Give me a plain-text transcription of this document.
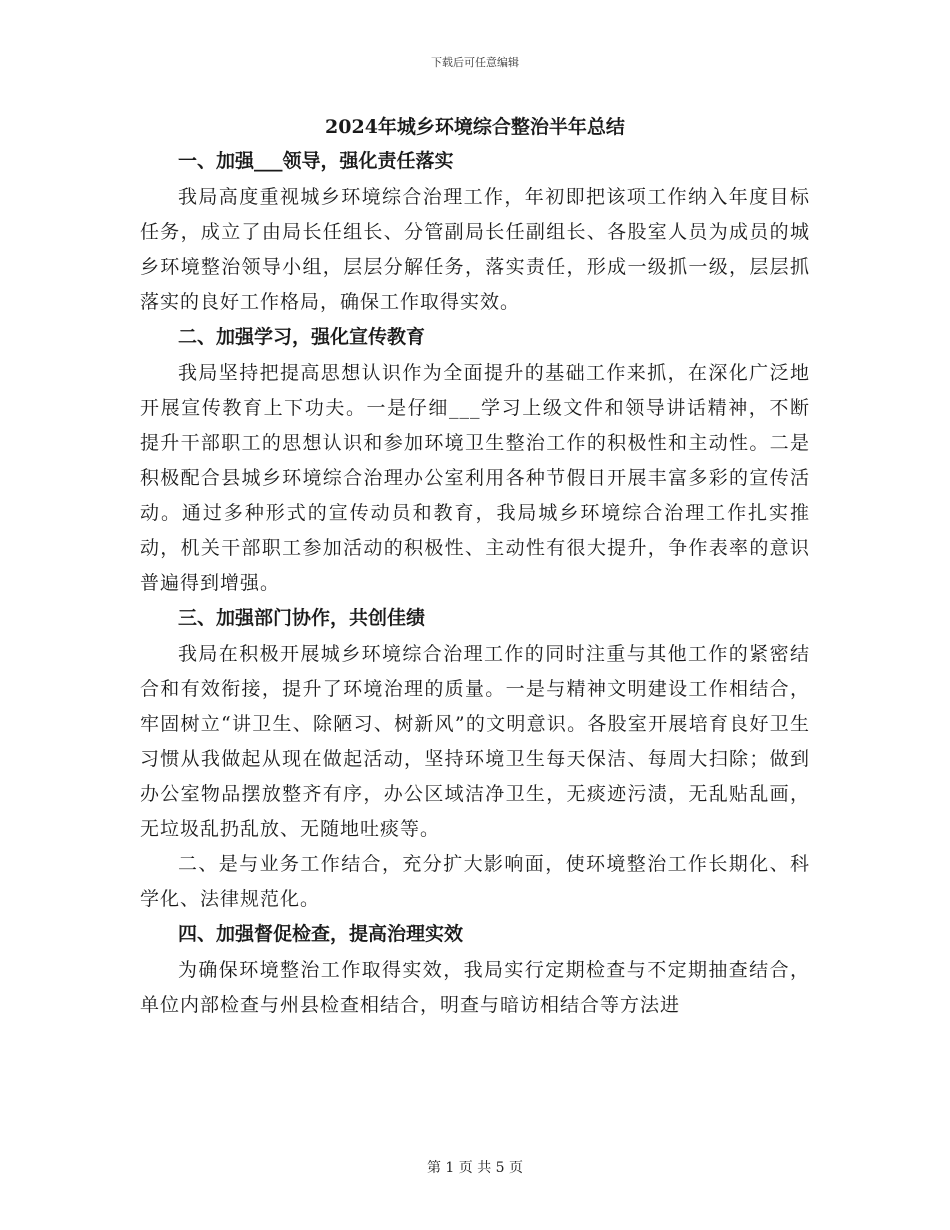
下载后可任意编辑
2024年城乡环境综合整治半年总结
一、加强___领导，强化责任落实

我局高度重视城乡环境综合治理工作，年初即把该项工作纳入年度目标任务，成立了由局长任组长、分管副局长任副组长、各股室人员为成员的城乡环境整治领导小组，层层分解任务，落实责任，形成一级抓一级，层层抓落实的良好工作格局，确保工作取得实效。

二、加强学习，强化宣传教育

我局坚持把提高思想认识作为全面提升的基础工作来抓，在深化广泛地开展宣传教育上下功夫。一是仔细___学习上级文件和领导讲话精神，不断提升干部职工的思想认识和参加环境卫生整治工作的积极性和主动性。二是积极配合县城乡环境综合治理办公室利用各种节假日开展丰富多彩的宣传活动。通过多种形式的宣传动员和教育，我局城乡环境综合治理工作扎实推动，机关干部职工参加活动的积极性、主动性有很大提升，争作表率的意识普遍得到增强。

三、加强部门协作，共创佳绩

我局在积极开展城乡环境综合治理工作的同时注重与其他工作的紧密结合和有效衔接，提升了环境治理的质量。一是与精神文明建设工作相结合，牢固树立“讲卫生、除陋习、树新风”的文明意识。各股室开展培育良好卫生习惯从我做起从现在做起活动，坚持环境卫生每天保洁、每周大扫除；做到办公室物品摆放整齐有序，办公区域洁净卫生，无痰迹污渍，无乱贴乱画，无垃圾乱扔乱放、无随地吐痰等。

二、是与业务工作结合，充分扩大影响面，使环境整治工作长期化、科学化、法律规范化。

四、加强督促检查，提高治理实效

为确保环境整治工作取得实效，我局实行定期检查与不定期抽查结合，单位内部检查与州县检查相结合，明查与暗访相结合等方法进

第 1 页 共 5 页
